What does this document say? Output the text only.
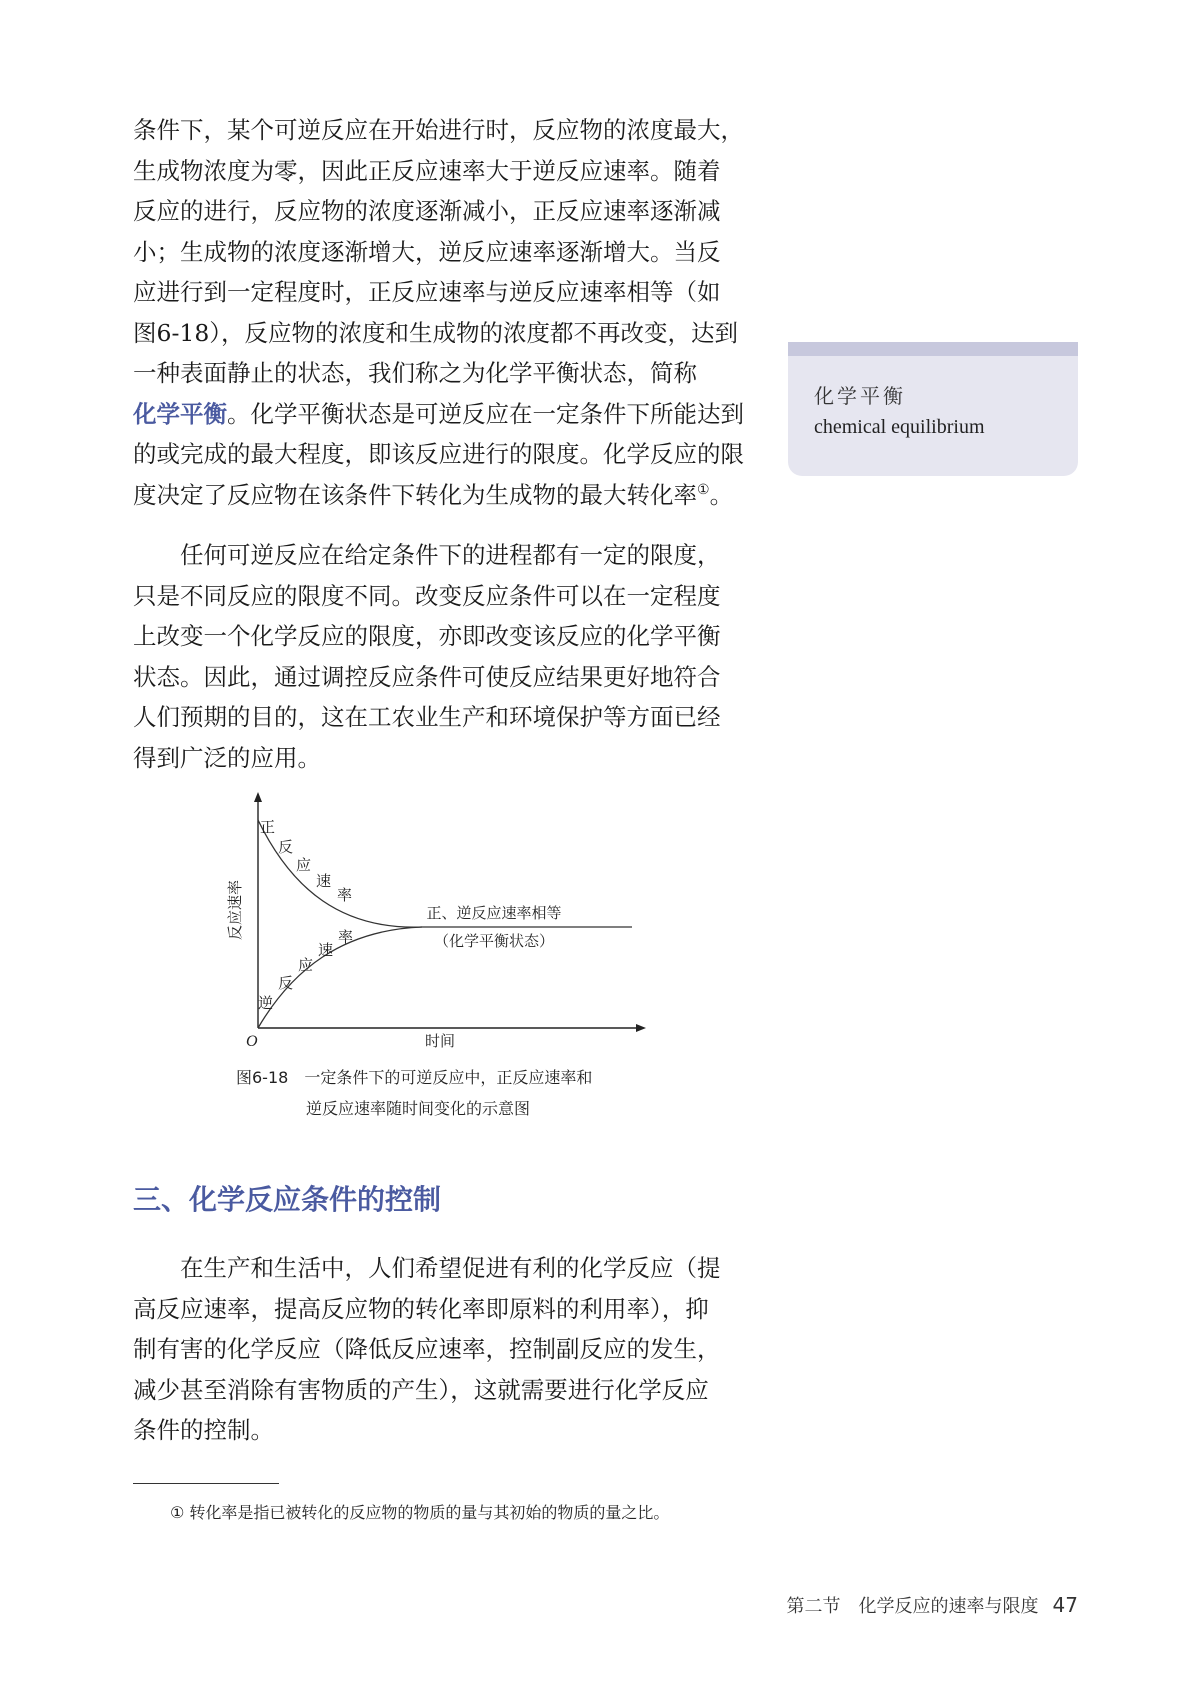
条件下，某个可逆反应在开始进行时，反应物的浓度最大，
生成物浓度为零，因此正反应速率大于逆反应速率。随着
反应的进行，反应物的浓度逐渐减小，正反应速率逐渐减
小；生成物的浓度逐渐增大，逆反应速率逐渐增大。当反
应进行到一定程度时，正反应速率与逆反应速率相等（如
图6-18），反应物的浓度和生成物的浓度都不再改变，达到
一种表面静止的状态，我们称之为化学平衡状态，简称
化学平衡。化学平衡状态是可逆反应在一定条件下所能达到
的或完成的最大程度，即该反应进行的限度。化学反应的限
度决定了反应物在该条件下转化为生成物的最大转化率①。

任何可逆反应在给定条件下的进程都有一定的限度，
只是不同反应的限度不同。改变反应条件可以在一定程度
上改变一个化学反应的限度，亦即改变该反应的化学平衡
状态。因此，通过调控反应条件可使反应结果更好地符合
人们预期的目的，这在工农业生产和环境保护等方面已经
得到广泛的应用。

化学平衡
chemical equilibrium
反应速率
O	时间
正
反
应
速
率
逆
反
应
速
率
正、逆反应速率相等
（化学平衡状态）
图6-18　一定条件下的可逆反应中，正反应速率和
逆反应速率随时间变化的示意图
三、化学反应条件的控制

在生产和生活中，人们希望促进有利的化学反应（提
高反应速率，提高反应物的转化率即原料的利用率），抑
制有害的化学反应（降低反应速率，控制副反应的发生，
减少甚至消除有害物质的产生），这就需要进行化学反应
条件的控制。

① 转化率是指已被转化的反应物的物质的量与其初始的物质的量之比。
第二节　化学反应的速率与限度 47
